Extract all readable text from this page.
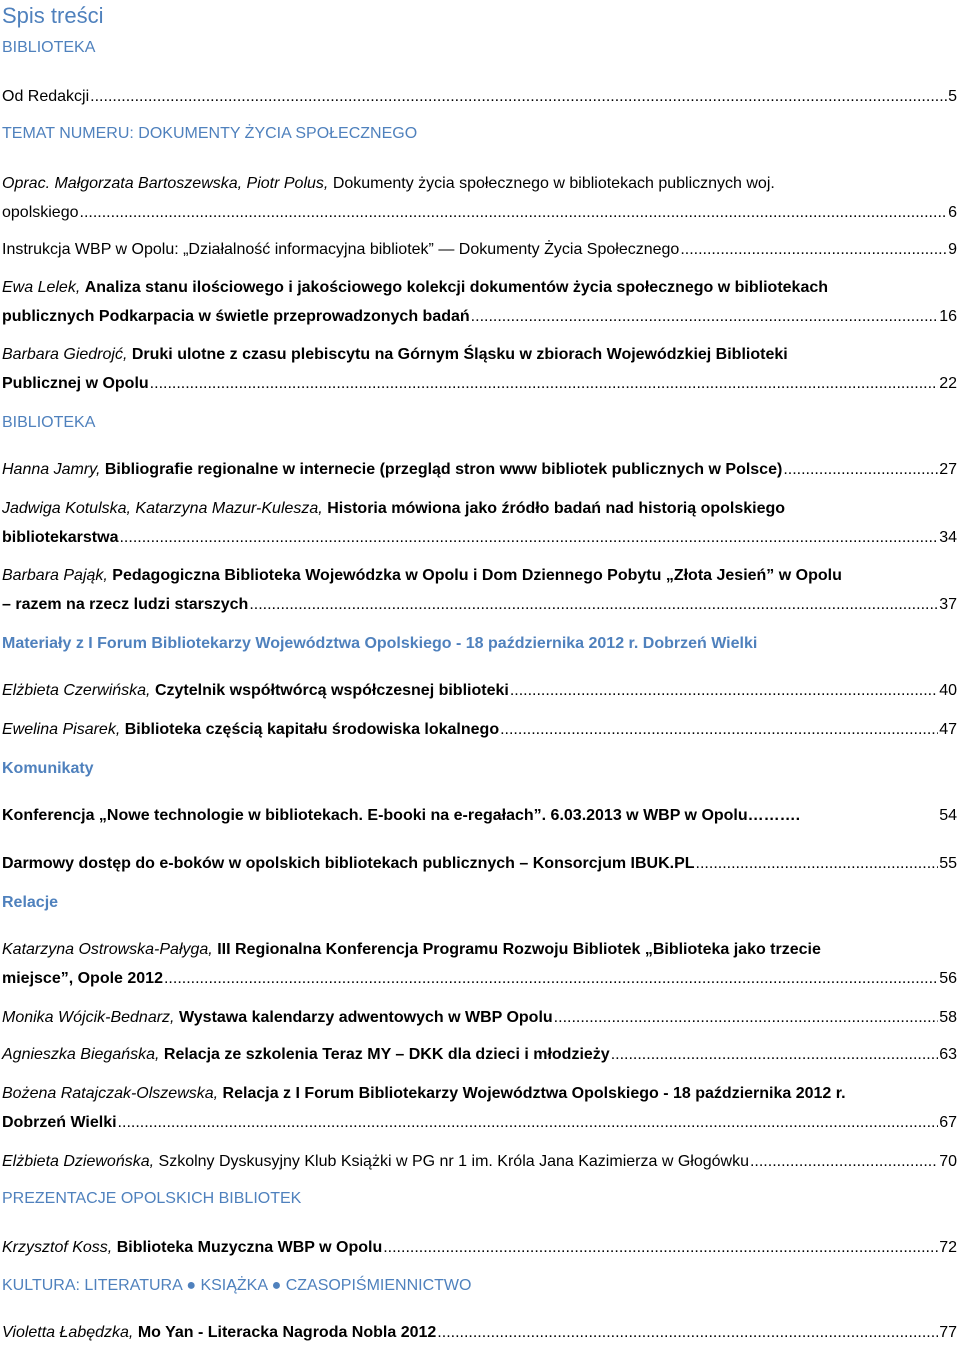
Spis treści
BIBLIOTEKA
Od Redakcji .....	5
TEMAT NUMERU: DOKUMENTY ŻYCIA SPOŁECZNEGO
Oprac. Małgorzata Bartoszewska, Piotr Polus, Dokumenty życia społecznego w bibliotekach publicznych woj.
opolskiego .....	6
Instrukcja WBP w Opolu: „Działalność informacyjna bibliotek” — Dokumenty Życia Społecznego .....	9
Ewa Lelek, Analiza stanu ilościowego i jakościowego kolekcji dokumentów życia społecznego w bibliotekach
publicznych Podkarpacia w świetle przeprowadzonych badań .....	16
Barbara Giedrojć, Druki ulotne z czasu plebiscytu na Górnym Śląsku w zbiorach Wojewódzkiej Biblioteki
Publicznej w Opolu .....	22
BIBLIOTEKA
Hanna Jamry,
Bibliografie regionalne w internecie (przegląd stron www bibliotek publicznych w Polsce) .....	27
Jadwiga Kotulska, Katarzyna Mazur-Kulesza, Historia mówiona jako źródło badań nad historią opolskiego
bibliotekarstwa .....	34
Barbara Pająk, Pedagogiczna Biblioteka Wojewódzka w Opolu i Dom Dziennego Pobytu „Złota Jesień” w Opolu
– razem na rzecz ludzi starszych .....	37
Materiały z I Forum Bibliotekarzy Województwa Opolskiego - 18 października 2012 r. Dobrzeń Wielki
Elżbieta Czerwińska,
Czytelnik współtwórcą współczesnej biblioteki .....	40
Ewelina Pisarek,
Biblioteka częścią kapitału środowiska lokalnego .....	47
Komunikaty
Konferencja „Nowe technologie w bibliotekach. E-booki na e-regałach”. 6.03.2013 w WBP w Opolu ……….	54
Darmowy dostęp do e-boków w opolskich bibliotekach publicznych – Konsorcjum IBUK.PL .....	55
Relacje
Katarzyna Ostrowska-Pałyga, III Regionalna Konferencja Programu Rozwoju Bibliotek „Biblioteka jako trzecie
miejsce”, Opole 2012 .....	56
Monika Wójcik-Bednarz,
Wystawa kalendarzy adwentowych w WBP Opolu .....	58
Agnieszka Biegańska,
Relacja ze szkolenia Teraz MY – DKK dla dzieci i młodzieży .....	63
Bożena Ratajczak-Olszewska, Relacja z I Forum Bibliotekarzy Województwa Opolskiego - 18 października 2012 r.
Dobrzeń Wielki .....	67
Elżbieta Dziewońska,
Szkolny Dyskusyjny Klub Książki w PG nr 1 im. Króla Jana Kazimierza w Głogówku .....	70
PREZENTACJE OPOLSKICH BIBLIOTEK
Krzysztof Koss,
Biblioteka Muzyczna WBP w Opolu .....	72
KULTURA: LITERATURA ● KSIĄŻKA ● CZASOPIŚMIENNICTWO
Violetta Łabędzka,
Mo Yan - Literacka Nagroda Nobla 2012 .....	77
